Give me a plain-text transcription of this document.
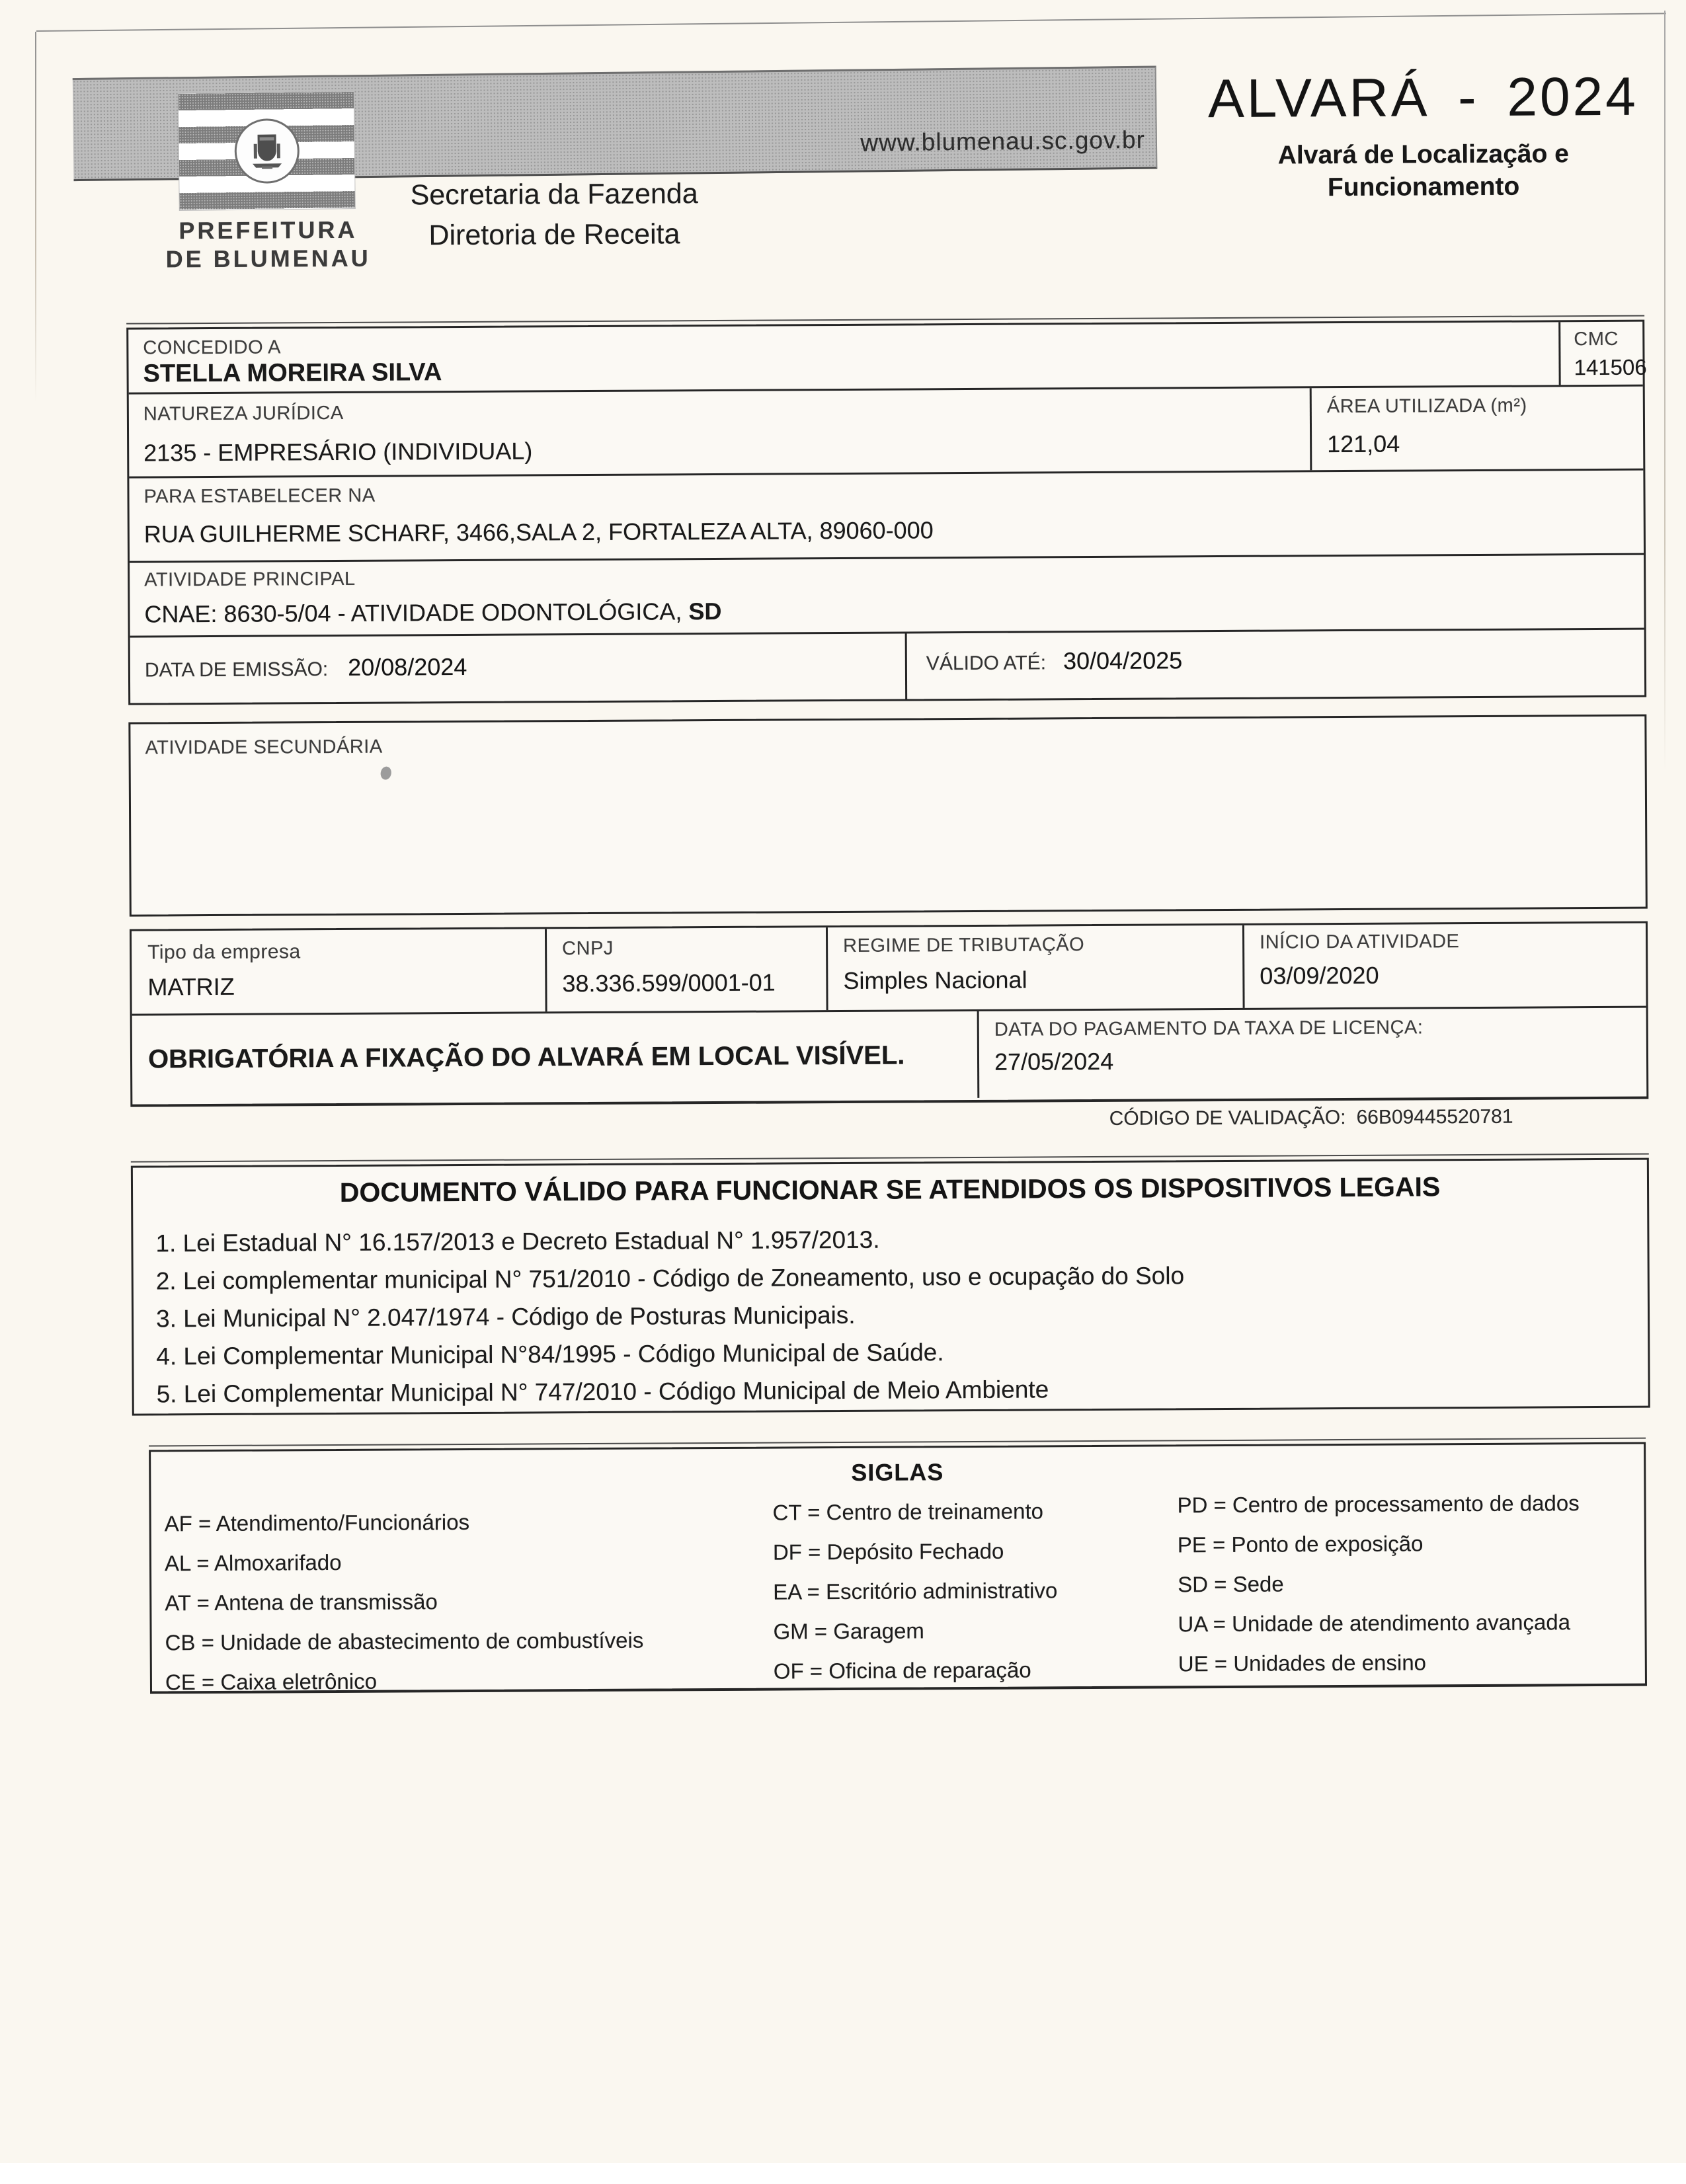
www.blumenau.sc.gov.br
PREFEITURA
DE BLUMENAU
Secretaria da Fazenda
Diretoria de Receita
ALVARÁ - 2024
Alvará de Localização e
Funcionamento
CONCEDIDO A
STELLA MOREIRA SILVA
CMC
141506
NATUREZA JURÍDICA
2135 - EMPRESÁRIO (INDIVIDUAL)
ÁREA UTILIZADA (m²)
121,04
PARA ESTABELECER NA
RUA GUILHERME SCHARF, 3466,SALA 2, FORTALEZA ALTA, 89060-000
ATIVIDADE PRINCIPAL
CNAE: 8630-5/04 - ATIVIDADE ODONTOLÓGICA, SD
DATA DE EMISSÃO: 20/08/2024	VÁLIDO ATÉ: 30/04/2025
ATIVIDADE SECUNDÁRIA
Tipo da empresa
MATRIZ
CNPJ
38.336.599/0001-01
REGIME DE TRIBUTAÇÃO
Simples Nacional
INÍCIO DA ATIVIDADE
03/09/2020
OBRIGATÓRIA A FIXAÇÃO DO ALVARÁ EM LOCAL VISÍVEL.
DATA DO PAGAMENTO DA TAXA DE LICENÇA:
27/05/2024
CÓDIGO DE VALIDAÇÃO: 66B09445520781
DOCUMENTO VÁLIDO PARA FUNCIONAR SE ATENDIDOS OS DISPOSITIVOS LEGAIS
1. Lei Estadual N° 16.157/2013 e Decreto Estadual N° 1.957/2013.
2. Lei complementar municipal N° 751/2010 - Código de Zoneamento, uso e ocupação do Solo
3. Lei Municipal N° 2.047/1974 - Código de Posturas Municipais.
4. Lei Complementar Municipal N°84/1995 - Código Municipal de Saúde.
5. Lei Complementar Municipal N° 747/2010 - Código Municipal de Meio Ambiente
SIGLAS
AF = Atendimento/Funcionários
AL = Almoxarifado
AT = Antena de transmissão
CB = Unidade de abastecimento de combustíveis
CE = Caixa eletrônico
CT = Centro de treinamento
DF = Depósito Fechado
EA = Escritório administrativo
GM = Garagem
OF = Oficina de reparação
PD = Centro de processamento de dados
PE = Ponto de exposição
SD = Sede
UA = Unidade de atendimento avançada
UE = Unidades de ensino
